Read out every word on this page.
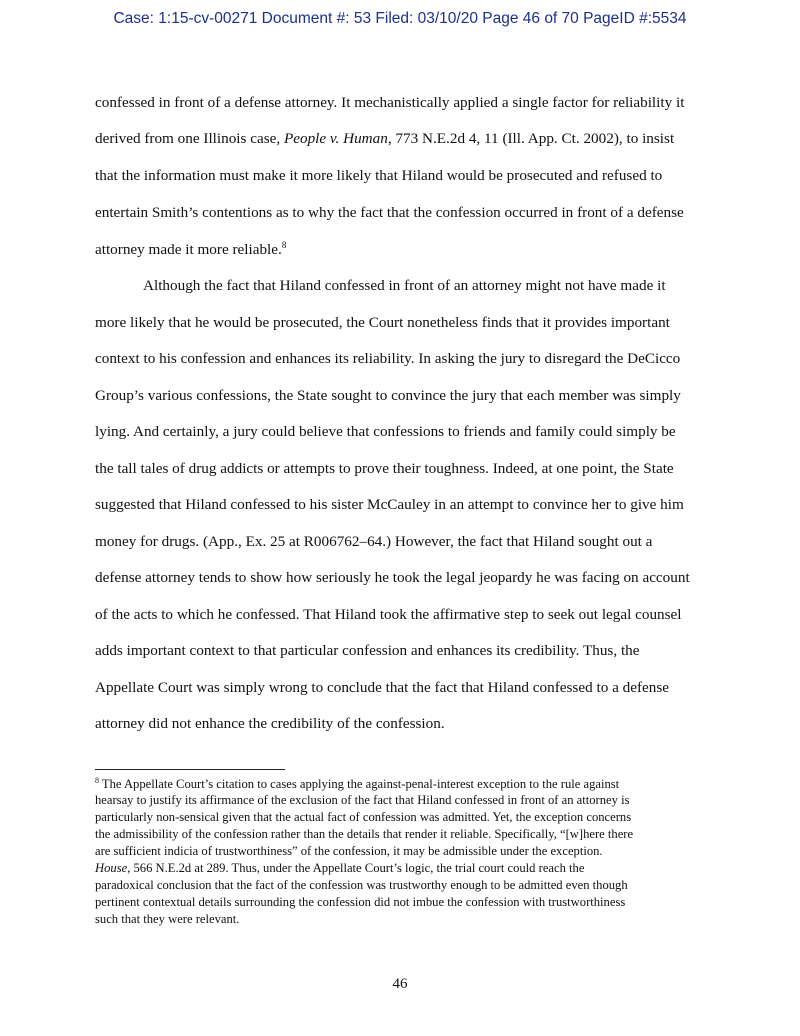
Case: 1:15-cv-00271 Document #: 53 Filed: 03/10/20 Page 46 of 70 PageID #:5534
confessed in front of a defense attorney. It mechanistically applied a single factor for reliability it
derived from one Illinois case, People v. Human, 773 N.E.2d 4, 11 (Ill. App. Ct. 2002), to insist
that the information must make it more likely that Hiland would be prosecuted and refused to
entertain Smith’s contentions as to why the fact that the confession occurred in front of a defense
attorney made it more reliable.$^8$
Although the fact that Hiland confessed in front of an attorney might not have made it
more likely that he would be prosecuted, the Court nonetheless finds that it provides important
context to his confession and enhances its reliability. In asking the jury to disregard the DeCicco
Group’s various confessions, the State sought to convince the jury that each member was simply
lying. And certainly, a jury could believe that confessions to friends and family could simply be
the tall tales of drug addicts or attempts to prove their toughness. Indeed, at one point, the State
suggested that Hiland confessed to his sister McCauley in an attempt to convince her to give him
money for drugs. (App., Ex. 25 at R006762–64.) However, the fact that Hiland sought out a
defense attorney tends to show how seriously he took the legal jeopardy he was facing on account
of the acts to which he confessed. That Hiland took the affirmative step to seek out legal counsel
adds important context to that particular confession and enhances its credibility. Thus, the
Appellate Court was simply wrong to conclude that the fact that Hiland confessed to a defense
attorney did not enhance the credibility of the confession.
$^8$ The Appellate Court’s citation to cases applying the against-penal-interest exception to the rule against
hearsay to justify its affirmance of the exclusion of the fact that Hiland confessed in front of an attorney is
particularly non-sensical given that the actual fact of confession was admitted. Yet, the exception concerns
the admissibility of the confession rather than the details that render it reliable. Specifically, “[w]here there
are sufficient indicia of trustworthiness” of the confession, it may be admissible under the exception.
House, 566 N.E.2d at 289. Thus, under the Appellate Court’s logic, the trial court could reach the
paradoxical conclusion that the fact of the confession was trustworthy enough to be admitted even though
pertinent contextual details surrounding the confession did not imbue the confession with trustworthiness
such that they were relevant.
46
